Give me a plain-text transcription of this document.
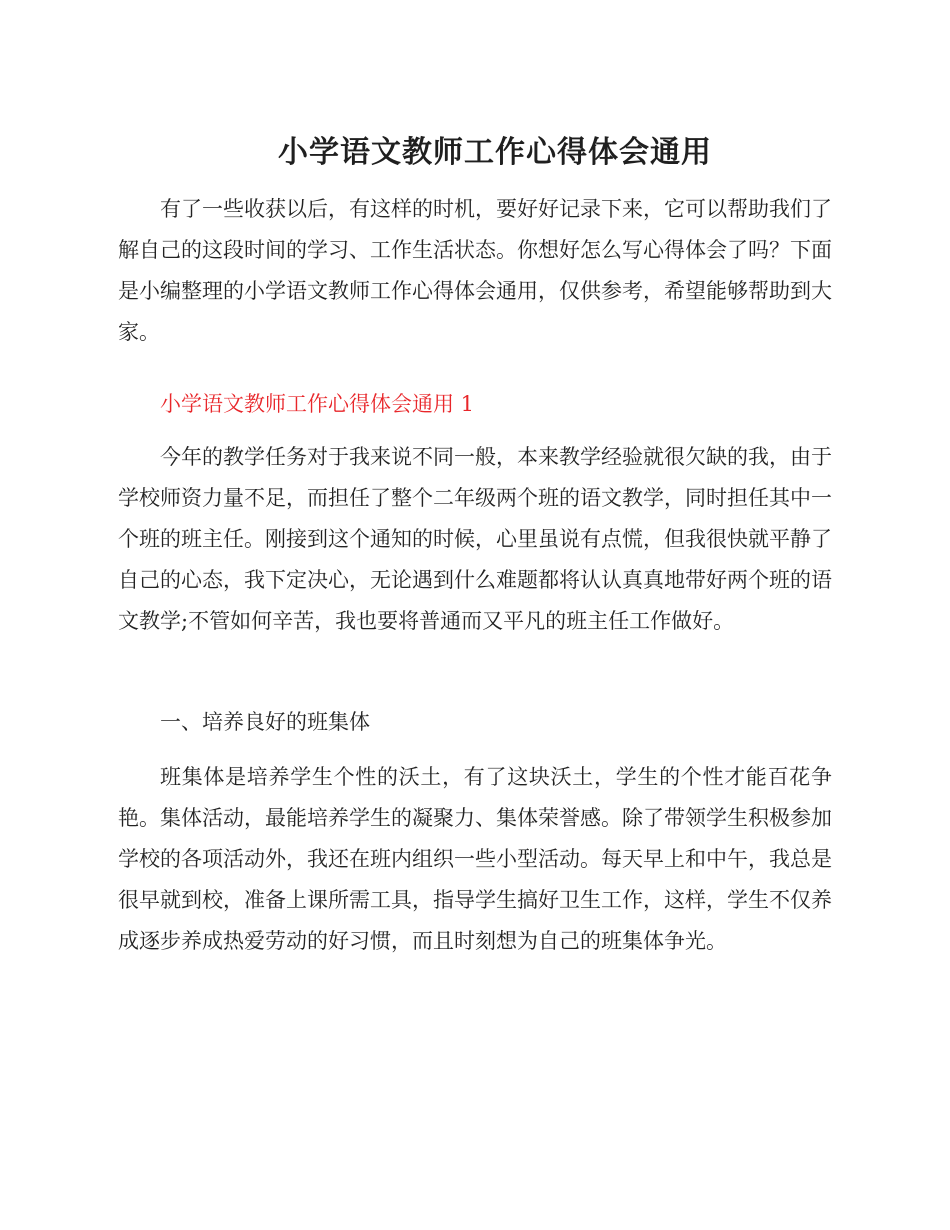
小学语文教师工作心得体会通用

有了一些收获以后，有这样的时机，要好好记录下来，它可以帮助我们了解自己的这段时间的学习、工作生活状态。你想好怎么写心得体会了吗？下面是小编整理的小学语文教师工作心得体会通用，仅供参考，希望能够帮助到大家。

小学语文教师工作心得体会通用 1

今年的教学任务对于我来说不同一般，本来教学经验就很欠缺的我，由于学校师资力量不足，而担任了整个二年级两个班的语文教学，同时担任其中一个班的班主任。刚接到这个通知的时候，心里虽说有点慌，但我很快就平静了自己的心态，我下定决心，无论遇到什么难题都将认认真真地带好两个班的语文教学;不管如何辛苦，我也要将普通而又平凡的班主任工作做好。

一、培养良好的班集体

班集体是培养学生个性的沃土，有了这块沃土，学生的个性才能百花争艳。集体活动，最能培养学生的凝聚力、集体荣誉感。除了带领学生积极参加学校的各项活动外，我还在班内组织一些小型活动。每天早上和中午，我总是很早就到校，准备上课所需工具，指导学生搞好卫生工作，这样，学生不仅养成逐步养成热爱劳动的好习惯，而且时刻想为自己的班集体争光。
